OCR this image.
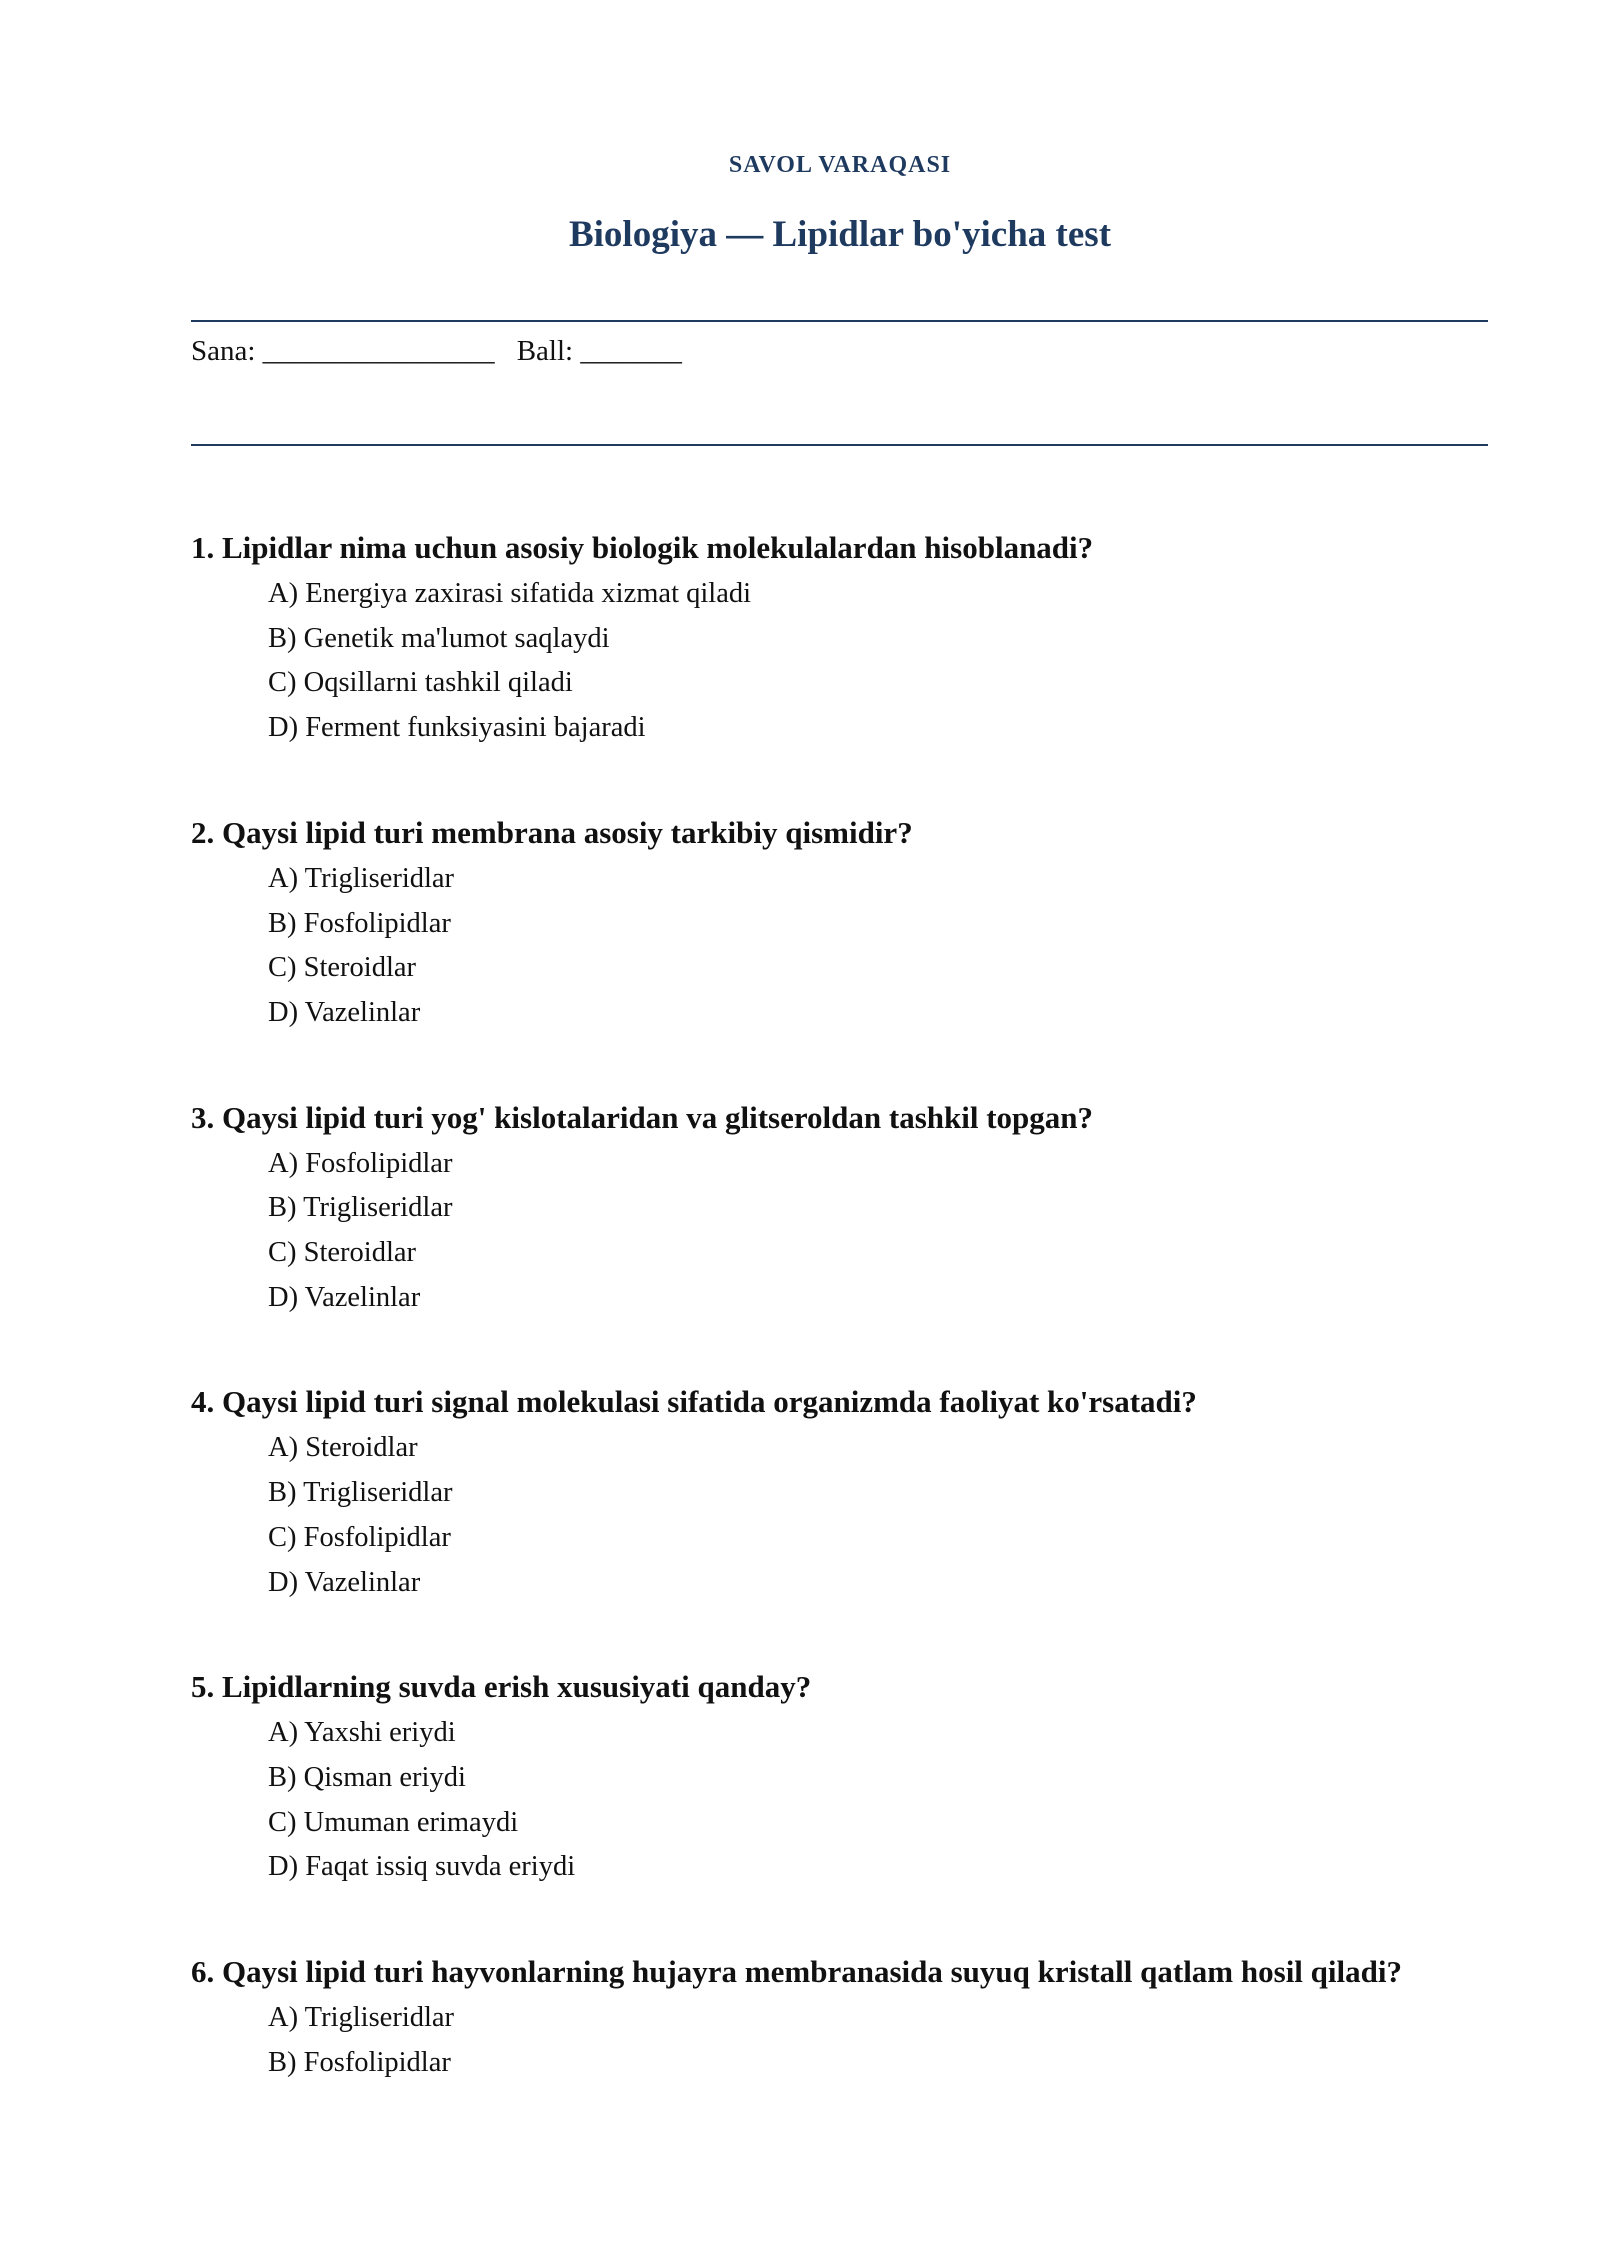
SAVOL VARAQASI
Biologiya — Lipidlar bo'yicha test
Sana: ________________ Ball: _______
1. Lipidlar nima uchun asosiy biologik molekulalardan hisoblanadi?
A) Energiya zaxirasi sifatida xizmat qiladi
B) Genetik ma'lumot saqlaydi
C) Oqsillarni tashkil qiladi
D) Ferment funksiyasini bajaradi
2. Qaysi lipid turi membrana asosiy tarkibiy qismidir?
A) Trigliseridlar
B) Fosfolipidlar
C) Steroidlar
D) Vazelinlar
3. Qaysi lipid turi yog' kislotalaridan va glitseroldan tashkil topgan?
A) Fosfolipidlar
B) Trigliseridlar
C) Steroidlar
D) Vazelinlar
4. Qaysi lipid turi signal molekulasi sifatida organizmda faoliyat ko'rsatadi?
A) Steroidlar
B) Trigliseridlar
C) Fosfolipidlar
D) Vazelinlar
5. Lipidlarning suvda erish xususiyati qanday?
A) Yaxshi eriydi
B) Qisman eriydi
C) Umuman erimaydi
D) Faqat issiq suvda eriydi
6. Qaysi lipid turi hayvonlarning hujayra membranasida suyuq kristall qatlam hosil qiladi?
A) Trigliseridlar
B) Fosfolipidlar
